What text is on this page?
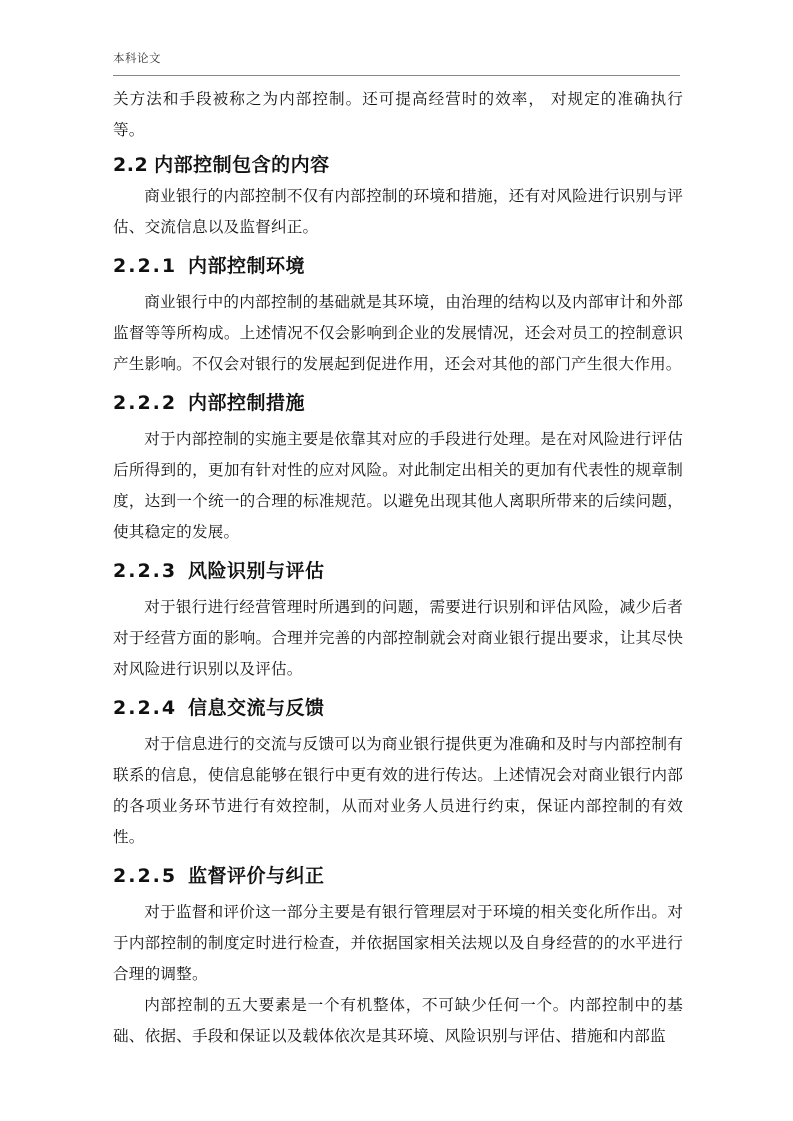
本科论文

关方法和手段被称之为内部控制。还可提高经营时的效率， 对规定的准确执行等。

2.2 内部控制包含的内容

商业银行的内部控制不仅有内部控制的环境和措施，还有对风险进行识别与评估、交流信息以及监督纠正。

2.2.1 内部控制环境

商业银行中的内部控制的基础就是其环境，由治理的结构以及内部审计和外部监督等等所构成。上述情况不仅会影响到企业的发展情况，还会对员工的控制意识产生影响。不仅会对银行的发展起到促进作用，还会对其他的部门产生很大作用。

2.2.2 内部控制措施

对于内部控制的实施主要是依靠其对应的手段进行处理。是在对风险进行评估后所得到的，更加有针对性的应对风险。对此制定出相关的更加有代表性的规章制度，达到一个统一的合理的标准规范。以避免出现其他人离职所带来的后续问题，使其稳定的发展。

2.2.3 风险识别与评估

对于银行进行经营管理时所遇到的问题，需要进行识别和评估风险，减少后者对于经营方面的影响。合理并完善的内部控制就会对商业银行提出要求，让其尽快对风险进行识别以及评估。

2.2.4 信息交流与反馈

对于信息进行的交流与反馈可以为商业银行提供更为准确和及时与内部控制有联系的信息，使信息能够在银行中更有效的进行传达。上述情况会对商业银行内部的各项业务环节进行有效控制，从而对业务人员进行约束，保证内部控制的有效性。

2.2.5 监督评价与纠正

对于监督和评价这一部分主要是有银行管理层对于环境的相关变化所作出。对于内部控制的制度定时进行检查，并依据国家相关法规以及自身经营的的水平进行合理的调整。

内部控制的五大要素是一个有机整体，不可缺少任何一个。内部控制中的基础、依据、手段和保证以及载体依次是其环境、风险识别与评估、措施和内部监
